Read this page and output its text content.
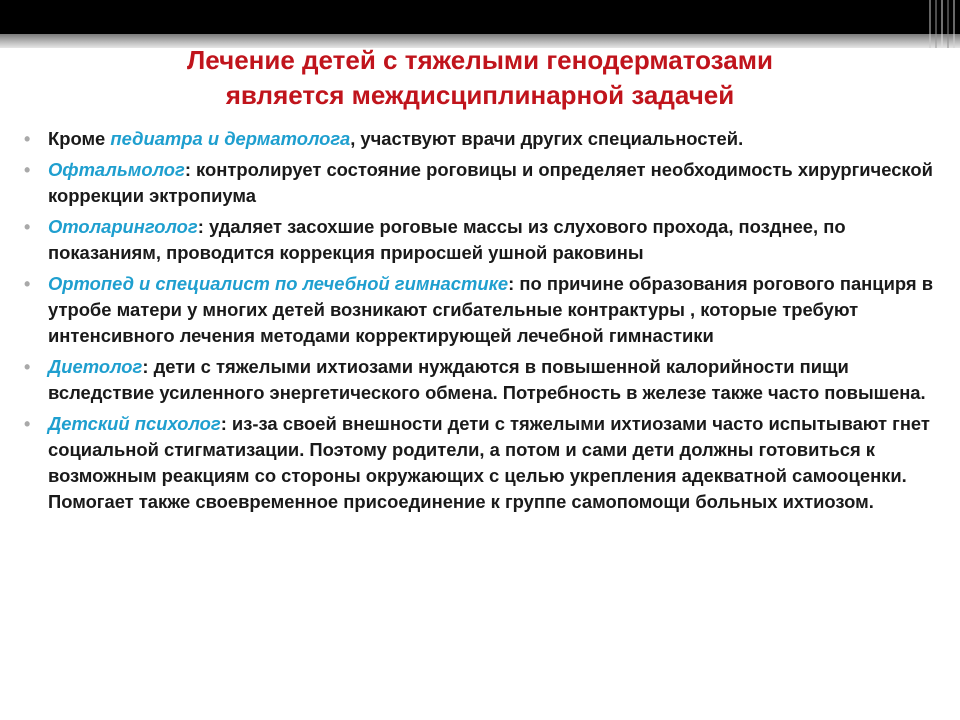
Лечение детей с тяжелыми генодерматозами
является междисциплинарной задачей
• Кроме педиатра и дерматолога, участвуют врачи других специальностей.
• Офтальмолог: контролирует состояние роговицы и определяет необходимость хирургической коррекции эктропиума
• Отоларинголог: удаляет засохшие роговые массы из слухового прохода, позднее, по показаниям, проводится коррекция приросшей ушной раковины
• Ортопед и специалист по лечебной гимнастике: по причине образования рогового панциря в утробе матери у многих детей возникают сгибательные контрактуры , которые требуют интенсивного лечения методами корректирующей лечебной гимнастики
• Диетолог: дети с тяжелыми ихтиозами нуждаются в повышенной калорийности пищи вследствие усиленного энергетического обмена. Потребность в железе также часто повышена.
• Детский психолог: из-за своей внешности дети с тяжелыми ихтиозами часто испытывают гнет социальной стигматизации. Поэтому родители, а потом и сами дети должны готовиться к возможным реакциям со стороны окружающих с целью укрепления адекватной самооценки. Помогает также своевременное присоединение к группе самопомощи больных ихтиозом.
